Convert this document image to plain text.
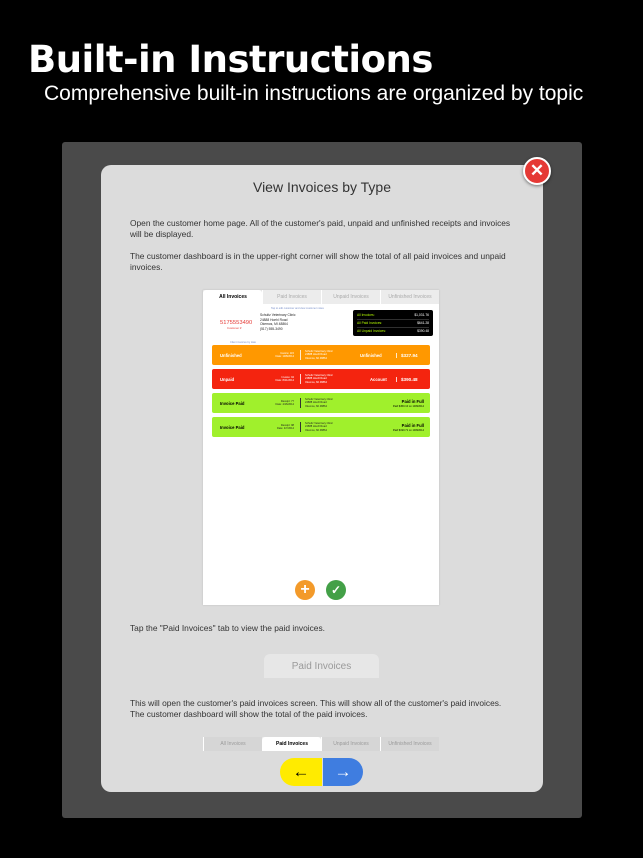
Built-in Instructions
Comprehensive built-in instructions are organized by topic
View Invoices by Type
Open the customer home page. All of the customer's paid, unpaid and unfinished receipts and invoices will be displayed.
The customer dashboard is in the upper-right corner will show the total of all paid invoices and unpaid invoices.
All Invoices	Paid Invoices	Unpaid Invoices	Unfinished Invoices
Tap to edit customer and view customer notes
5175553490
Customer #
Schultz Veterinary Clinic
24888 Hoehl Road
Okemos, MI 48864
(517) 555-3490
All Invoices:	$1,031.76
All Paid Invoices:	$641.28
All Unpaid Invoices:	$390.48
Client invoices by date
Unfinished	Invoice: 115
Date: 10/8/2014
Schultz Veterinary Clinic
24888 Hoehl Road
Okemos, MI 48864
Unfinished	$327.94
Unpaid	Invoice: 94
Date: 8/21/2014
Schultz Veterinary Clinic
24888 Hoehl Road
Okemos, MI 48864
Account	$390.48
Invoice Paid	Receipt: 77
Date: 4/16/2014
Schultz Veterinary Clinic
24888 Hoehl Road
Okemos, MI 48864
Paid in Full
Paid $450.10 on 10/8/2014
Invoice Paid	Receipt: 98
Date: 4/7/2014
Schultz Veterinary Clinic
24888 Hoehl Road
Okemos, MI 48864
Paid in Full
Paid $190.71 on 10/8/2014
+	✓
Tap the "Paid Invoices" tab to view the paid invoices.
Paid Invoices
This will open the customer's paid invoices screen. This will show all of the customer's paid invoices. The customer dashboard will show the total of the paid invoices.
All Invoices	Paid Invoices	Unpaid Invoices	Unfinished Invoices
←	→
✕
